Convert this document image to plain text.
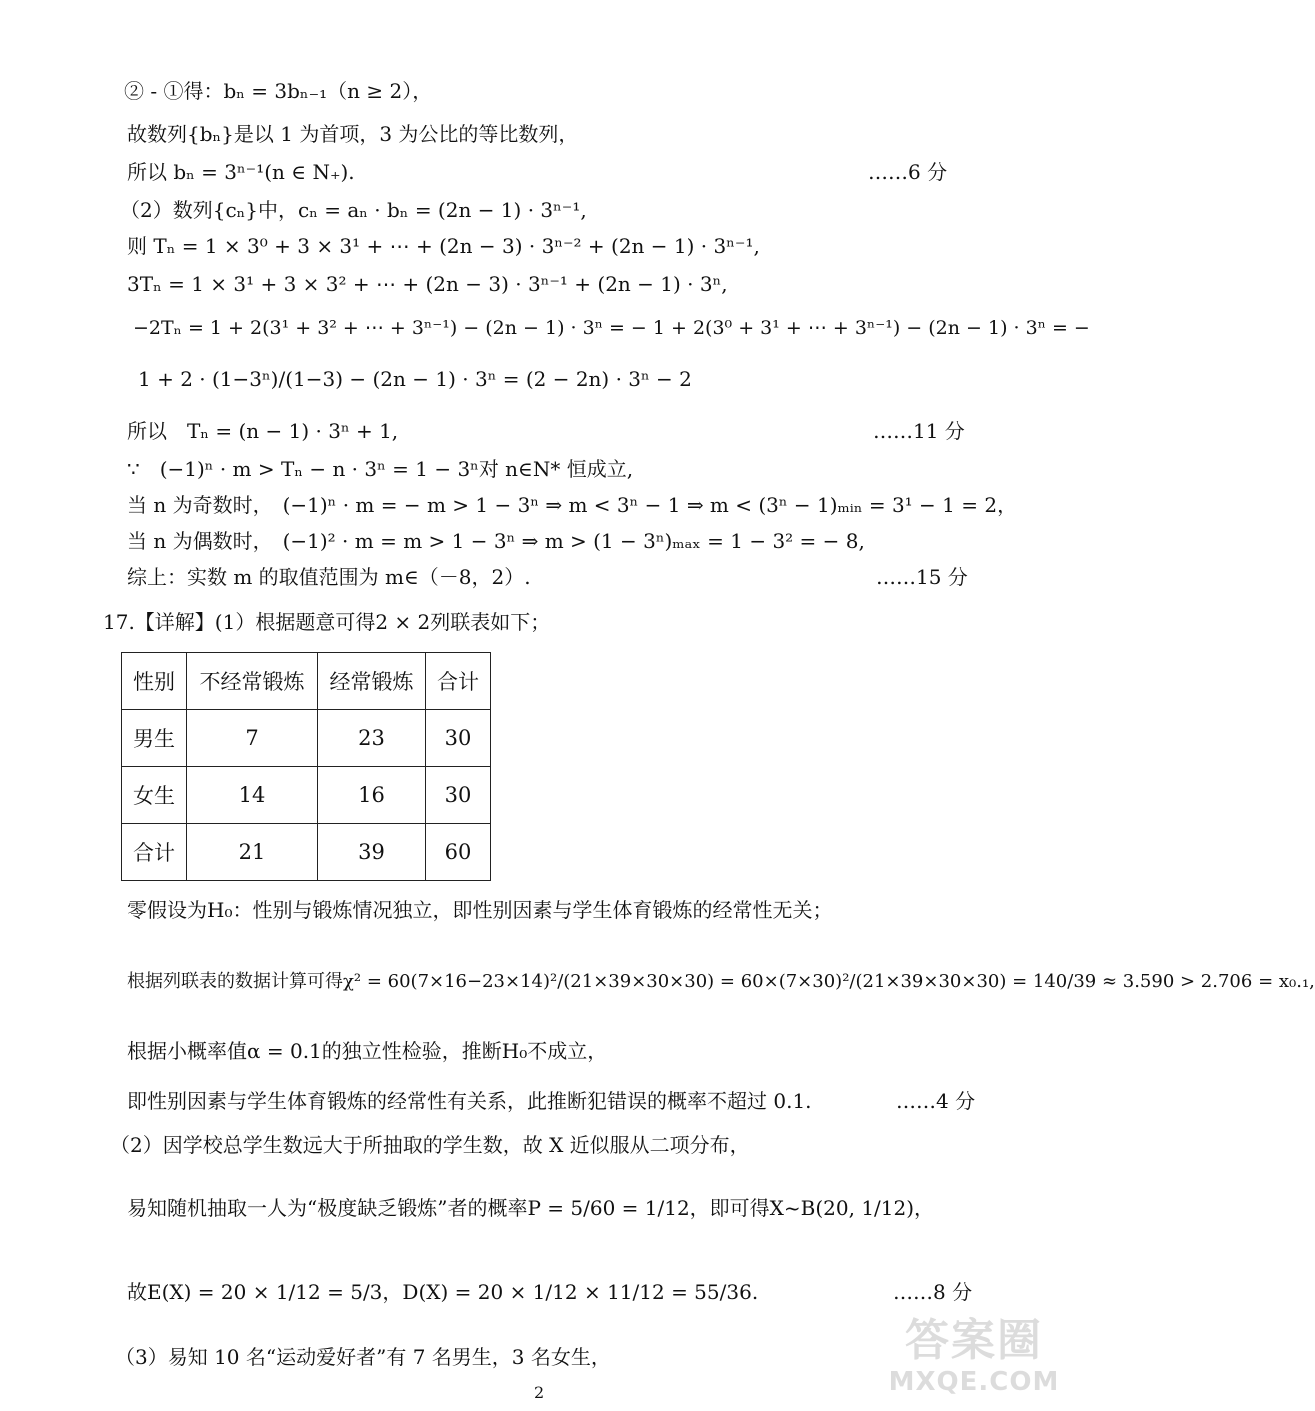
② - ①得：bₙ = 3bₙ₋₁（n ≥ 2），
故数列{bₙ}是以 1 为首项，3 为公比的等比数列，
所以 bₙ = 3ⁿ⁻¹(n ∈ N₊).	……6 分
（2）数列{cₙ}中，cₙ = aₙ · bₙ = (2n − 1) · 3ⁿ⁻¹,
则 Tₙ = 1 × 3⁰ + 3 × 3¹ + ⋯ + (2n − 3) · 3ⁿ⁻² + (2n − 1) · 3ⁿ⁻¹,
3Tₙ = 1 × 3¹ + 3 × 3² + ⋯ + (2n − 3) · 3ⁿ⁻¹ + (2n − 1) · 3ⁿ,
−2Tₙ = 1 + 2(3¹ + 3² + ⋯ + 3ⁿ⁻¹) − (2n − 1) · 3ⁿ = − 1 + 2(3⁰ + 3¹ + ⋯ + 3ⁿ⁻¹) − (2n − 1) · 3ⁿ = −
1 + 2 · (1−3ⁿ)/(1−3) − (2n − 1) · 3ⁿ = (2 − 2n) · 3ⁿ − 2
所以　Tₙ = (n − 1) · 3ⁿ + 1,	……11 分
∵　(−1)ⁿ · m > Tₙ − n · 3ⁿ = 1 − 3ⁿ对 n∈N* 恒成立,
当 n 为奇数时，　(−1)ⁿ · m = − m > 1 − 3ⁿ ⇒ m < 3ⁿ − 1 ⇒ m < (3ⁿ − 1)ₘᵢₙ = 3¹ − 1 = 2，
当 n 为偶数时，　(−1)² · m = m > 1 − 3ⁿ ⇒ m > (1 − 3ⁿ)ₘₐₓ = 1 − 3² = − 8,
综上：实数 m 的取值范围为 m∈（－8，2）.	……15 分
17.【详解】(1）根据题意可得2 × 2列联表如下；
性别	不经常锻炼	经常锻炼	合计
男生	7	23	30
女生	14	16	30
合计	21	39	60
零假设为H₀：性别与锻炼情况独立，即性别因素与学生体育锻炼的经常性无关；
根据列联表的数据计算可得χ² = 60(7×16−23×14)²/(21×39×30×30) = 60×(7×30)²/(21×39×30×30) = 140/39 ≈ 3.590 > 2.706 = x₀.₁,
根据小概率值α = 0.1的独立性检验，推断H₀不成立，
即性别因素与学生体育锻炼的经常性有关系，此推断犯错误的概率不超过 0.1.	……4 分
（2）因学校总学生数远大于所抽取的学生数，故 X 近似服从二项分布，
易知随机抽取一人为“极度缺乏锻炼”者的概率P = 5/60 = 1/12，即可得X~B(20, 1/12)，
故E(X) = 20 × 1/12 = 5/3，D(X) = 20 × 1/12 × 11/12 = 55/36.	……8 分
（3）易知 10 名“运动爱好者”有 7 名男生，3 名女生，
2
答案圈
MXQE.COM
